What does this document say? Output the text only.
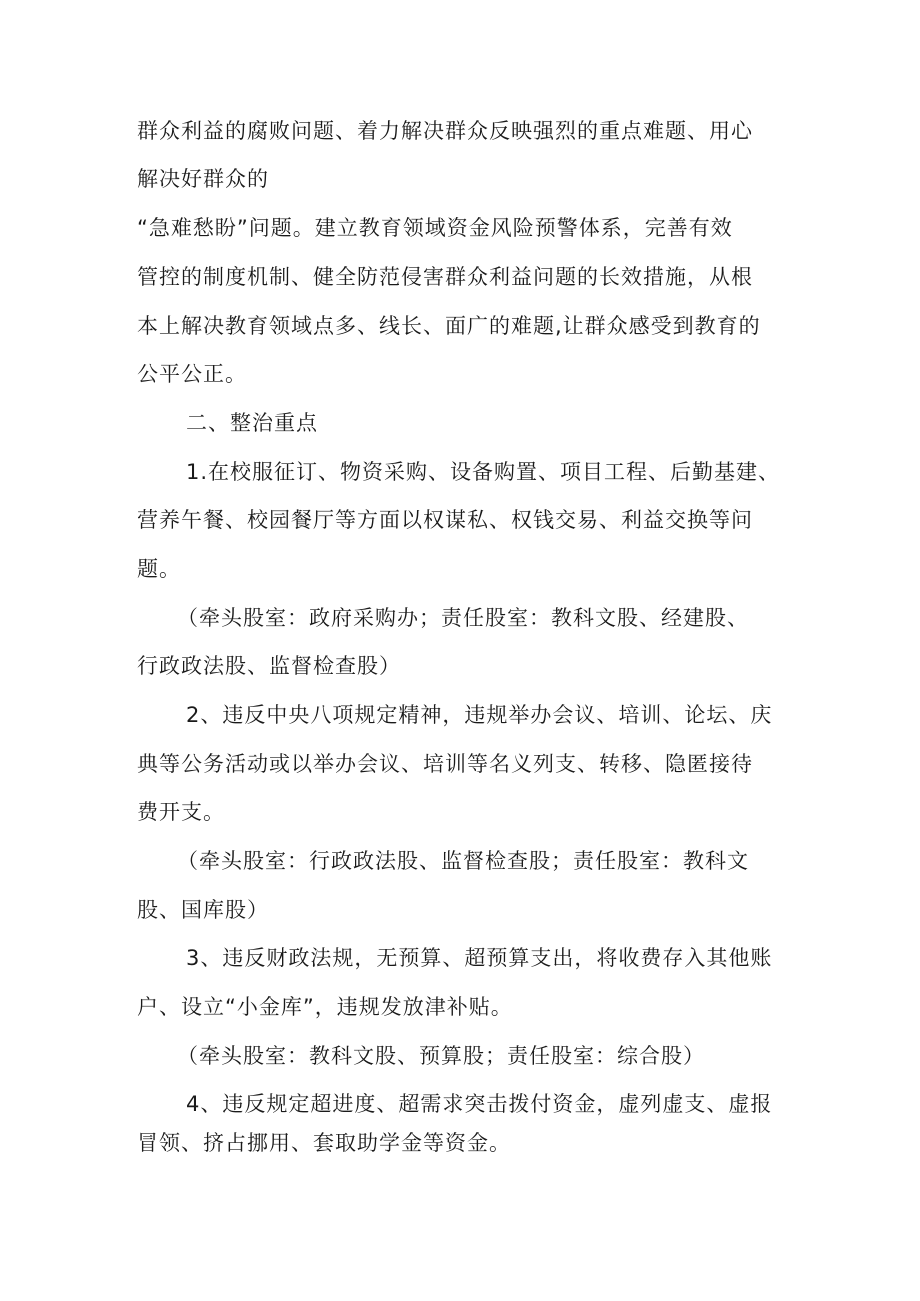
群众利益的腐败问题、着力解决群众反映强烈的重点难题、用心
解决好群众的
“急难愁盼”问题。建立教育领域资金风险预警体系，完善有效
管控的制度机制、健全防范侵害群众利益问题的长效措施，从根
本上解决教育领域点多、线长、面广的难题,让群众感受到教育的
公平公正。
二、整治重点
1.在校服征订、物资采购、设备购置、项目工程、后勤基建、
营养午餐、校园餐厅等方面以权谋私、权钱交易、利益交换等问
题。
（牵头股室：政府采购办；责任股室：教科文股、经建股、
行政政法股、监督检查股）
2、违反中央八项规定精神，违规举办会议、培训、论坛、庆
典等公务活动或以举办会议、培训等名义列支、转移、隐匿接待
费开支。
（牵头股室：行政政法股、监督检查股；责任股室：教科文
股、国库股）
3、违反财政法规，无预算、超预算支出，将收费存入其他账
户、设立“小金库”，违规发放津补贴。
（牵头股室：教科文股、预算股；责任股室：综合股）
4、违反规定超进度、超需求突击拨付资金，虚列虚支、虚报
冒领、挤占挪用、套取助学金等资金。
